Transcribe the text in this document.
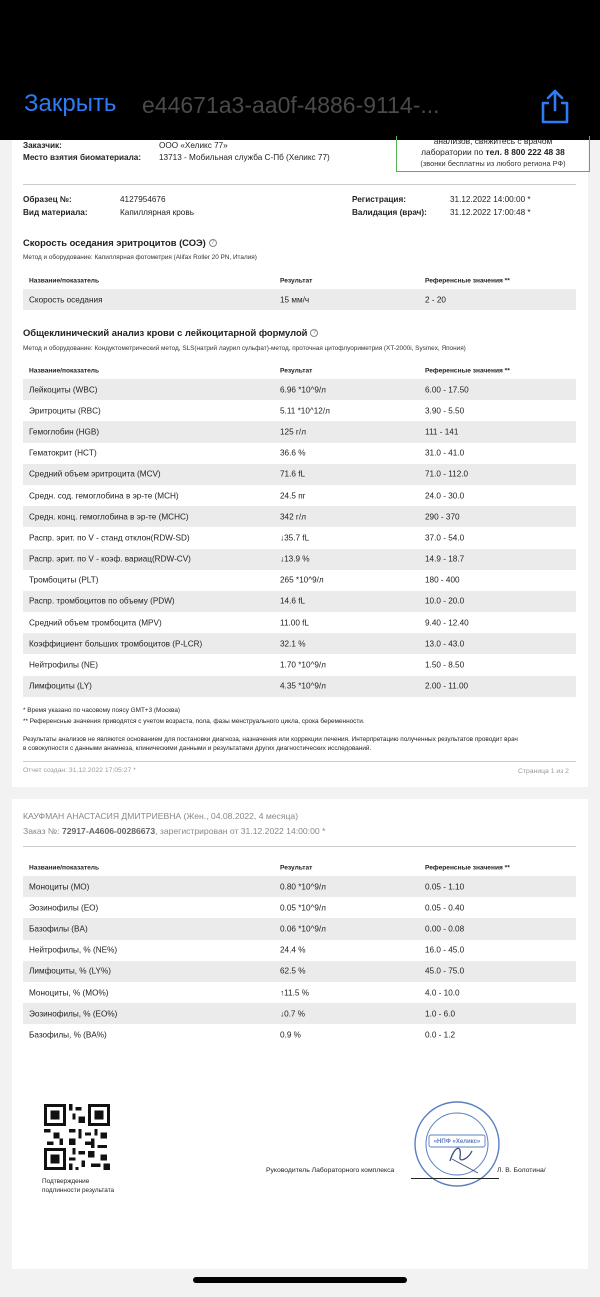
Закрыть e44671a3-aa0f-4886-9114-...
анализов, свяжитесь с врачом
лаборатории по тел. 8 800 222 48 38
(звонки бесплатны из любого региона РФ)
Заказчик:	ООО «Хеликс 77»
Место взятия биоматериала: 13713 - Мобильная служба С-Пб (Хеликс 77)
Образец №:	4127954676
Вид материала:	Капиллярная кровь
Регистрация:	31.12.2022 14:00:00 *
Валидация (врач):	31.12.2022 17:00:48 *
Скорость оседания эритроцитов (СОЭ) ?
Метод и оборудование: Капиллярная фотометрия (Alifax Roller 20 PN, Италия)
Название/показатель	Результат	Референсные значения **
Скорость оседания	15 мм/ч	2 - 20
Общеклинический анализ крови с лейкоцитарной формулой ?
Метод и оборудование: Кондуктометрический метод, SLS(натрий лаурил сульфат)-метод, проточная цитофлуориметрия (XT-2000i, Sysmex, Япония)
Название/показатель	Результат	Референсные значения **
Лейкоциты (WBC)	6.96 *10^9/л	6.00 - 17.50
Эритроциты (RBC)	5.11 *10^12/л	3.90 - 5.50
Гемоглобин (HGB)	125 г/л	111 - 141
Гематокрит (HCT)	36.6 %	31.0 - 41.0
Средний объем эритроцита (MCV)	71.6 fL	71.0 - 112.0
Средн. сод. гемоглобина в эр-те (MCH)	24.5 пг	24.0 - 30.0
Средн. конц. гемоглобина в эр-те (MCHC)	342 г/л	290 - 370
Распр. эрит. по V - станд отклон(RDW-SD)	↓35.7 fL	37.0 - 54.0
Распр. эрит. по V - коэф. вариац(RDW-CV)	↓13.9 %	14.9 - 18.7
Тромбоциты (PLT)	265 *10^9/л	180 - 400
Распр. тромбоцитов по объему (PDW)	14.6 fL	10.0 - 20.0
Средний объем тромбоцита (MPV)	11.00 fL	9.40 - 12.40
Коэффициент больших тромбоцитов (P-LCR)	32.1 %	13.0 - 43.0
Нейтрофилы (NE)	1.70 *10^9/л	1.50 - 8.50
Лимфоциты (LY)	4.35 *10^9/л	2.00 - 11.00
* Время указано по часовому поясу GMT+3 (Москва)
** Референсные значения приводятся с учетом возраста, пола, фазы менструального цикла, срока беременности.
Результаты анализов не являются основанием для постановки диагноза, назначения или коррекции лечения. Интерпретацию полученных результатов проводит врач
в совокупности с данными анамнеза, клиническими данными и результатами других диагностических исследований.
Отчет создан: 31.12.2022 17:05:27 *	Страница 1 из 2
КАУФМАН АНАСТАСИЯ ДМИТРИЕВНА (Жен., 04.08.2022, 4 месяца)
Заказ №: 72917-А4606-00286673, зарегистрирован от 31.12.2022 14:00:00 *
Название/показатель	Результат	Референсные значения **
Моноциты (MO)	0.80 *10^9/л	0.05 - 1.10
Эозинофилы (EO)	0.05 *10^9/л	0.05 - 0.40
Базофилы (BA)	0.06 *10^9/л	0.00 - 0.08
Нейтрофилы, % (NE%)	24.4 %	16.0 - 45.0
Лимфоциты, % (LY%)	62.5 %	45.0 - 75.0
Моноциты, % (MO%)	↑11.5 %	4.0 - 10.0
Эозинофилы, % (EO%)	↓0.7 %	1.0 - 6.0
Базофилы, % (BA%)	0.9 %	0.0 - 1.2
Подтверждение
подлинности результата
«НПФ «Хеликс»
Руководитель Лабораторного комплекса	Л. В. Болотина/
